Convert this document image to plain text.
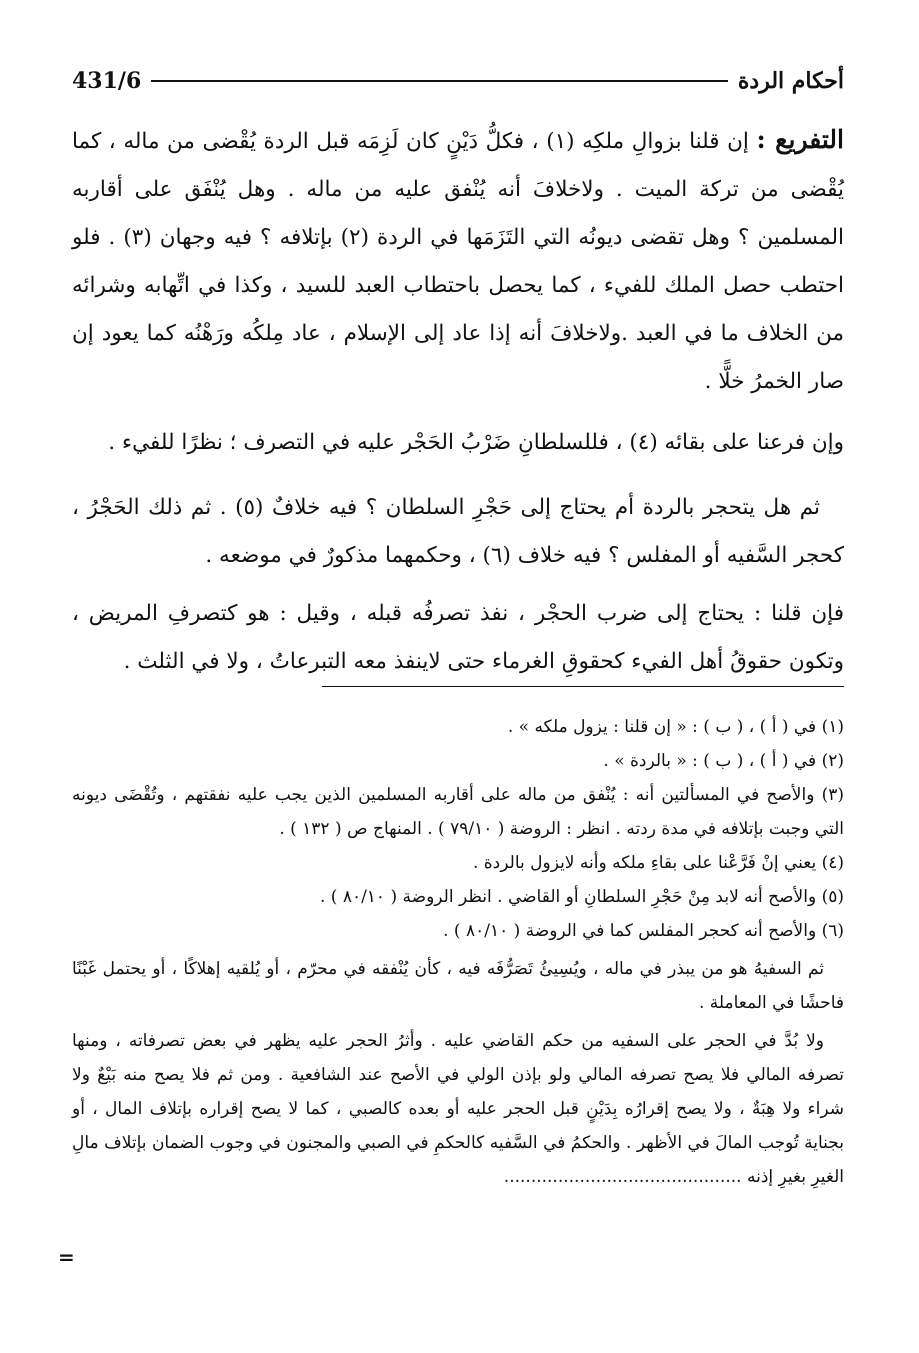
أحكام الردة
431/6

التفريع : إن قلنا بزوالِ ملكِه (١) ، فكلُّ دَيْنٍ كان لَزِمَه قبل الردة يُقْضى من ماله ، كما يُقْضى من تركة الميت . ولاخلافَ أنه يُنْفق عليه من ماله . وهل يُنْفَق على أقاربه المسلمين ؟ وهل تقضى ديونُه التي التَزَمَها في الردة (٢) بإتلافه ؟ فيه وجهان (٣) . فلو احتطب حصل الملك للفيء ، كما يحصل باحتطاب العبد للسيد ، وكذا في اتِّهابه وشرائه من الخلاف ما في العبد .ولاخلافَ أنه إذا عاد إلى الإسلام ، عاد مِلكُه ورَهْنُه كما يعود إن صار الخمرُ خلًّا .

وإن فرعنا على بقائه (٤) ، فللسلطانِ ضَرْبُ الحَجْر عليه في التصرف ؛ نظرًا للفيء .

ثم هل يتحجر بالردة أم يحتاج إلى حَجْرِ السلطان ؟ فيه خلافٌ (٥) . ثم ذلك الحَجْرُ ، كحجر السَّفيه أو المفلس ؟ فيه خلاف (٦) ، وحكمهما مذكورٌ في موضعه .

فإن قلنا : يحتاج إلى ضرب الحجْر ، نفذ تصرفُه قبله ، وقيل : هو كتصرفِ المريض ، وتكون حقوقُ أهل الفيء كحقوقِ الغرماء حتى لاينفذ معه التبرعاتُ ، ولا في الثلث .

(١) في ( أ ) ، ( ب ) : « إن قلنا : يزول ملكه » .

(٢) في ( أ ) ، ( ب ) : « بالردة » .

(٣) والأصح في المسألتين أنه : يُنْفق من ماله على أقاربه المسلمين الذين يجب عليه نفقتهم ، وتُقْضَى ديونه التي وجبت بإتلافه في مدة ردته . انظر : الروضة ( ٧٩/١٠ ) . المنهاج ص ( ١٣٢ ) .

(٤) يعني إنْ فَرَّعْنا على بقاءِ ملكه وأنه لايزول بالردة .

(٥) والأصح أنه لابد مِنْ حَجْرِ السلطانِ أو القاضي . انظر الروضة ( ٨٠/١٠ ) .

(٦) والأصح أنه كحجر المفلس كما في الروضة ( ٨٠/١٠ ) .

ثم السفيهُ هو من يبذر في ماله ، ويُسِيئُ تَصَرُّفَه فيه ، كأن يُنْفقه في محرّم ، أو يُلقيه إهلاكًا ، أو يحتمل غَبْنًا فاحشًا في المعاملة .

ولا بُدَّ في الحجر على السفيه من حكم القاضي عليه . وأثرُ الحجر عليه يظهر في بعض تصرفاته ، ومنها تصرفه المالي فلا يصح تصرفه المالي ولو بإذن الولي في الأصح عند الشافعية . ومن ثم فلا يصح منه بَيْعٌ ولا شراء ولا هِبَةٌ ، ولا يصح إقرارُه بِدَيْنٍ قبل الحجر عليه أو بعده كالصبي ، كما لا يصح إقراره بإتلاف المال ، أو بجناية تُوجب المالَ في الأظهر . والحكمُ في السَّفيه كالحكمِ في الصبي والمجنون في وجوب الضمان بإتلاف مالِ الغيرِ بغيرِ إذنه ............................................

=
